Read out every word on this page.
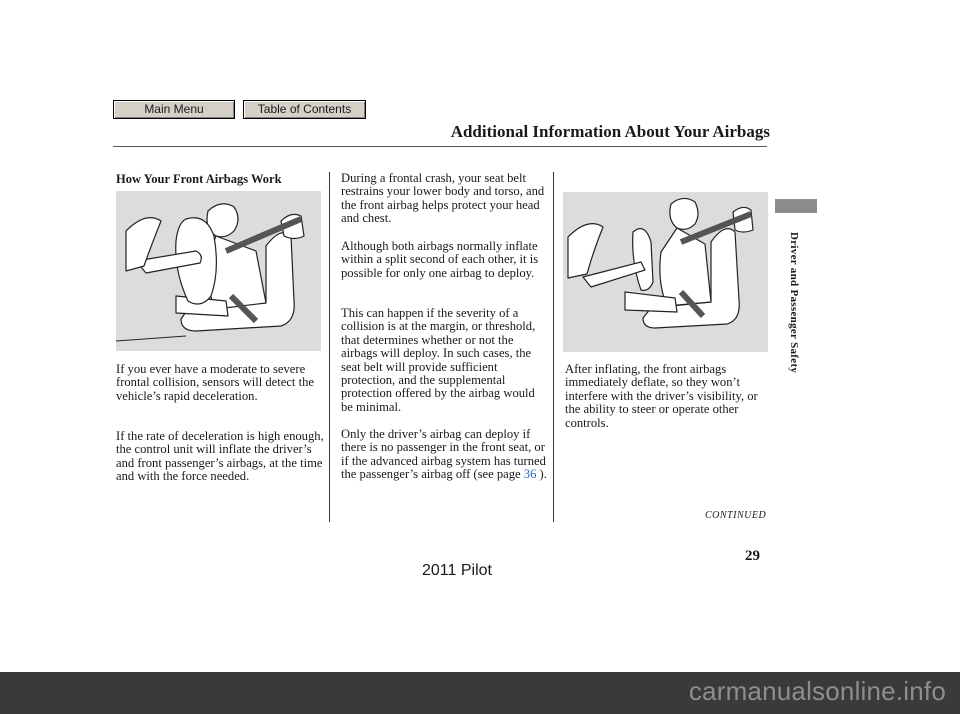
Main Menu	Table of Contents
Additional Information About Your Airbags
Driver and Passenger Safety
How Your Front Airbags Work

If you ever have a moderate to severe frontal collision, sensors will detect the vehicle’s rapid deceleration.

If the rate of deceleration is high enough, the control unit will inflate the driver’s and front passenger’s airbags, at the time and with the force needed.

During a frontal crash, your seat belt restrains your lower body and torso, and the front airbag helps protect your head and chest.

Although both airbags normally inflate within a split second of each other, it is possible for only one airbag to deploy.

This can happen if the severity of a collision is at the margin, or threshold, that determines whether or not the airbags will deploy. In such cases, the seat belt will provide sufficient protection, and the supplemental protection offered by the airbag would be minimal.

Only the driver’s airbag can deploy if there is no passenger in the front seat, or if the advanced airbag system has turned the passenger’s airbag off (see page 36 ).

After inflating, the front airbags immediately deflate, so they won’t interfere with the driver’s visibility, or the ability to steer or operate other controls.

CONTINUED
29
2011 Pilot
carmanualsonline.info
